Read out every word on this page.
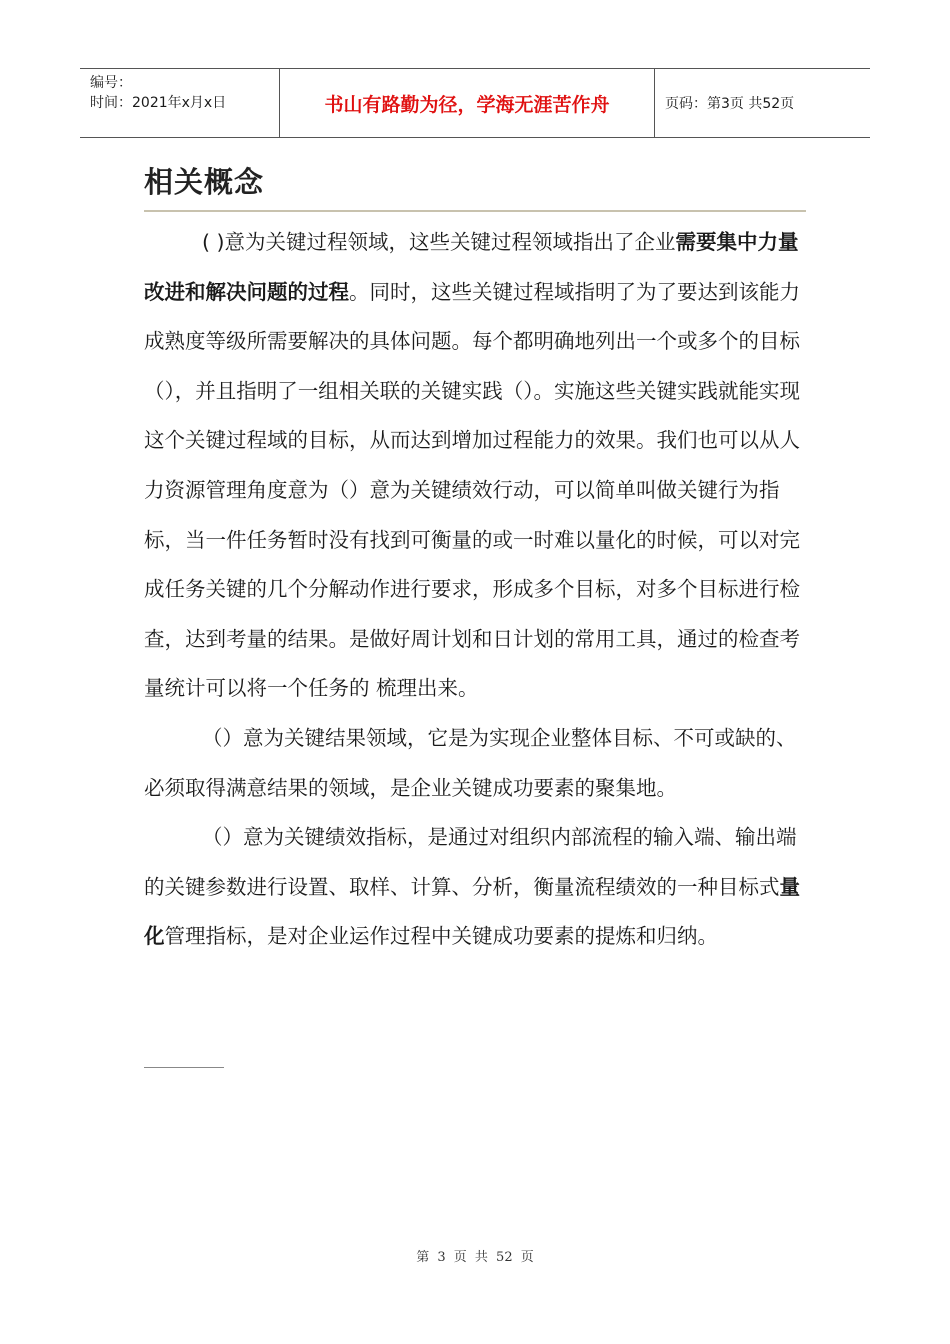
编号：
时间：2021年x月x日	书山有路勤为径，学海无涯苦作舟	页码：第3页 共52页
相关概念

( )意为关键过程领域，这些关键过程领域指出了企业需要集中力量改进和解决问题的过程。同时，这些关键过程域指明了为了要达到该能力成熟度等级所需要解决的具体问题。每个都明确地列出一个或多个的目标（），并且指明了一组相关联的关键实践（）。实施这些关键实践就能实现这个关键过程域的目标，从而达到增加过程能力的效果。我们也可以从人力资源管理角度意为（）意为关键绩效行动，可以简单叫做关键行为指标，当一件任务暂时没有找到可衡量的或一时难以量化的时候，可以对完成任务关键的几个分解动作进行要求，形成多个目标，对多个目标进行检查，达到考量的结果。是做好周计划和日计划的常用工具，通过的检查考量统计可以将一个任务的 梳理出来。

（）意为关键结果领域，它是为实现企业整体目标、不可或缺的、必须取得满意结果的领域，是企业关键成功要素的聚集地。

（）意为关键绩效指标，是通过对组织内部流程的输入端、输出端的关键参数进行设置、取样、计算、分析，衡量流程绩效的一种目标式量化管理指标，是对企业运作过程中关键成功要素的提炼和归纳。

第 3 页 共 52 页
